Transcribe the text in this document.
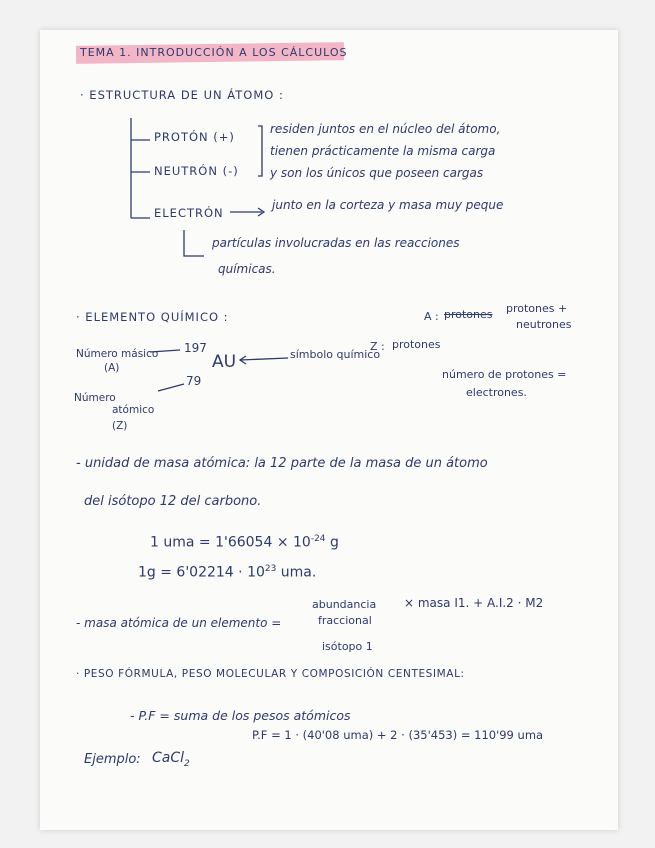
TEMA 1. INTRODUCCIÓN A LOS CÁLCULOS
· ESTRUCTURA DE UN ÁTOMO :
PROTÓN (+)
NEUTRÓN (-)
residen juntos en el núcleo del átomo,
tienen prácticamente la misma carga
y son los únicos que poseen cargas
ELECTRÓN
junto en la corteza y masa muy peque
partículas involucradas en las reacciones
químicas.
· ELEMENTO QUÍMICO :
Número másico
(A)
197
79
AU	símbolo químico
Número
atómico
(Z)
A : protones protones +
neutrones
Z : protones
número de protones =
electrones.
- unidad de masa atómica: la 12 parte de la masa de un átomo
del isótopo 12 del carbono.
1 uma = $1'66054 \times 10^{-24}$ g
$1g = 6'02214 \cdot 10^{23}$ uma.
- masa atómica de un elemento =
abundancia
fraccional
isótopo 1
× masa I1. + A.I.2 · M2
· PESO FÓRMULA, PESO MOLECULAR Y COMPOSICIÓN CENTESIMAL:
- P.F = suma de los pesos atómicos
Ejemplo: CaCl$_2$
P.F = 1 · (40'08 uma) + 2 · (35'453) = 110'99 uma
